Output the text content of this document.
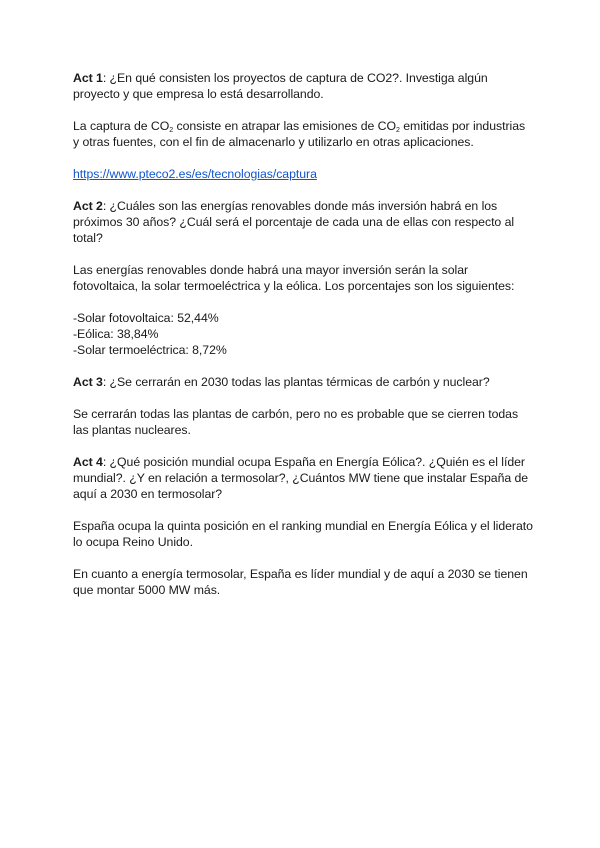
Act 1: ¿En qué consisten los proyectos de captura de CO2?. Investiga algún proyecto y que empresa lo está desarrollando.

La captura de $CO_2$ consiste en atrapar las emisiones de $CO_2$ emitidas por industrias y otras fuentes, con el fin de almacenarlo y utilizarlo en otras aplicaciones.

https://www.pteco2.es/es/tecnologias/captura

Act 2: ¿Cuáles son las energías renovables donde más inversión habrá en los próximos 30 años? ¿Cuál será el porcentaje de cada una de ellas con respecto al total?

Las energías renovables donde habrá una mayor inversión serán la solar fotovoltaica, la solar termoeléctrica y la eólica. Los porcentajes son los siguientes:

-Solar fotovoltaica: 52,44%

-Eólica: 38,84%

-Solar termoeléctrica: 8,72%

Act 3: ¿Se cerrarán en 2030 todas las plantas térmicas de carbón y nuclear?

Se cerrarán todas las plantas de carbón, pero no es probable que se cierren todas las plantas nucleares.

Act 4: ¿Qué posición mundial ocupa España en Energía Eólica?. ¿Quién es el líder mundial?. ¿Y en relación a termosolar?, ¿Cuántos MW tiene que instalar España de aquí a 2030 en termosolar?

España ocupa la quinta posición en el ranking mundial en Energía Eólica y el liderato lo ocupa Reino Unido.

En cuanto a energía termosolar, España es líder mundial y de aquí a 2030 se tienen que montar 5000 MW más.
